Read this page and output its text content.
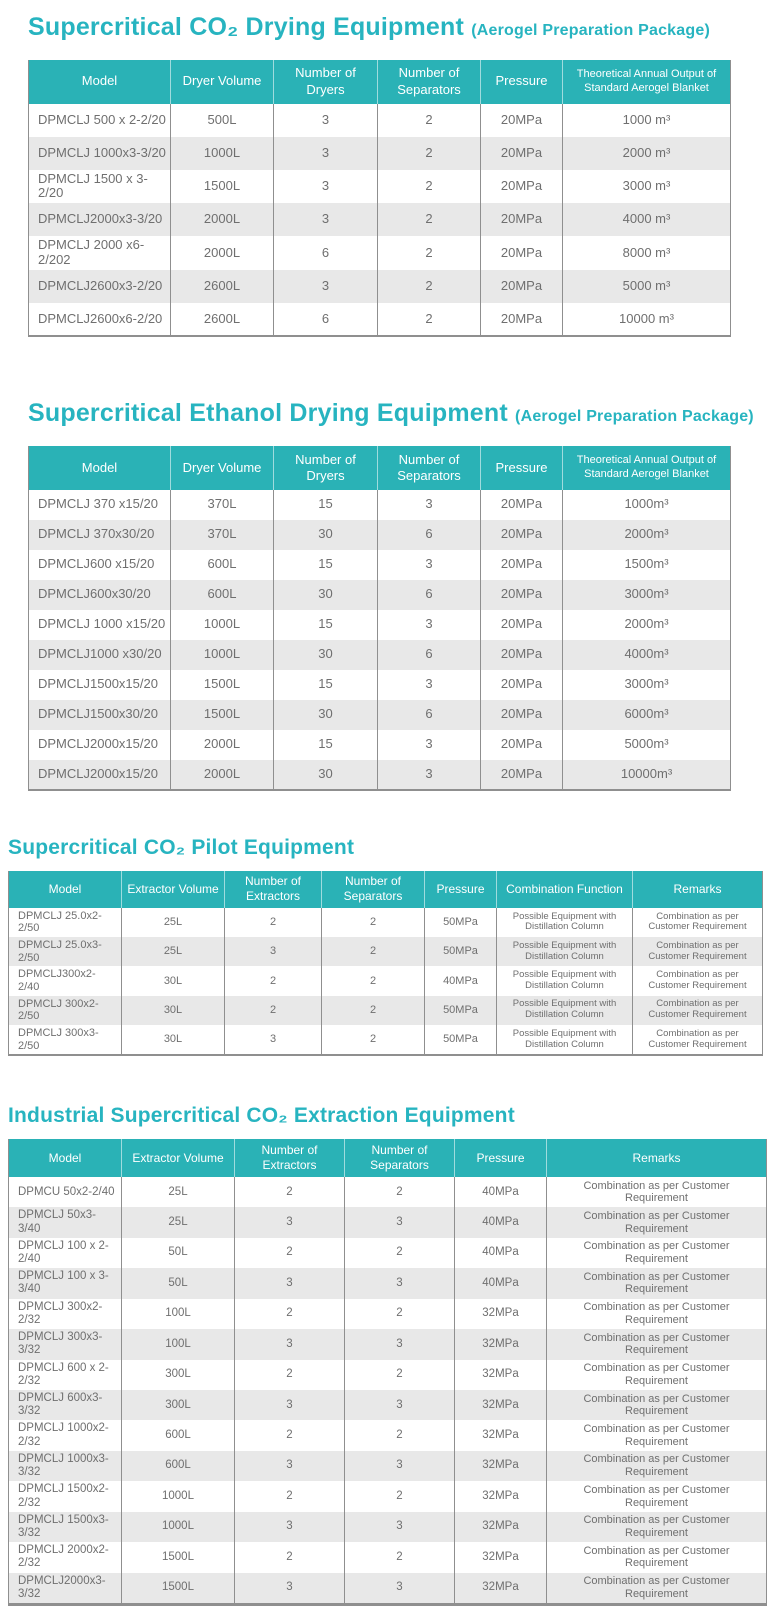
Supercritical CO₂ Drying Equipment (Aerogel Preparation Package)
Model	Dryer Volume	Number of Dryers	Number of Separators	Pressure	Theoretical Annual Output of Standard Aerogel Blanket
DPMCLJ 500 x 2-2/20	500L	3	2	20MPa	1000 m³
DPMCLJ 1000x3-3/20	1000L	3	2	20MPa	2000 m³
DPMCLJ 1500 x 3-2/20	1500L	3	2	20MPa	3000 m³
DPMCLJ2000x3-3/20	2000L	3	2	20MPa	4000 m³
DPMCLJ 2000 x6-2/202	2000L	6	2	20MPa	8000 m³
DPMCLJ2600x3-2/20	2600L	3	2	20MPa	5000 m³
DPMCLJ2600x6-2/20	2600L	6	2	20MPa	10000 m³
Supercritical Ethanol Drying Equipment (Aerogel Preparation Package)
Model	Dryer Volume	Number of Dryers	Number of Separators	Pressure	Theoretical Annual Output of Standard Aerogel Blanket
DPMCLJ 370 x15/20	370L	15	3	20MPa	1000m³
DPMCLJ 370x30/20	370L	30	6	20MPa	2000m³
DPMCLJ600 x15/20	600L	15	3	20MPa	1500m³
DPMCLJ600x30/20	600L	30	6	20MPa	3000m³
DPMCLJ 1000 x15/20	1000L	15	3	20MPa	2000m³
DPMCLJ1000 x30/20	1000L	30	6	20MPa	4000m³
DPMCLJ1500x15/20	1500L	15	3	20MPa	3000m³
DPMCLJ1500x30/20	1500L	30	6	20MPa	6000m³
DPMCLJ2000x15/20	2000L	15	3	20MPa	5000m³
DPMCLJ2000x15/20	2000L	30	3	20MPa	10000m³
Supercritical CO₂ Pilot Equipment
Model	Extractor Volume	Number of Extractors	Number of Separators	Pressure	Combination Function	Remarks
DPMCLJ 25.0x2-2/50	25L	2	2	50MPa	Possible Equipment with Distillation Column	Combination as per Customer Requirement
DPMCLJ 25.0x3-2/50	25L	3	2	50MPa	Possible Equipment with Distillation Column	Combination as per Customer Requirement
DPMCLJ300x2-2/40	30L	2	2	40MPa	Possible Equipment with Distillation Column	Combination as per Customer Requirement
DPMCLJ 300x2-2/50	30L	2	2	50MPa	Possible Equipment with Distillation Column	Combination as per Customer Requirement
DPMCLJ 300x3-2/50	30L	3	2	50MPa	Possible Equipment with Distillation Column	Combination as per Customer Requirement
Industrial Supercritical CO₂ Extraction Equipment
Model	Extractor Volume	Number of Extractors	Number of Separators	Pressure	Remarks
DPMCU 50x2-2/40	25L	2	2	40MPa	Combination as per Customer Requirement
DPMCLJ 50x3-3/40	25L	3	3	40MPa	Combination as per Customer Requirement
DPMCLJ 100 x 2-2/40	50L	2	2	40MPa	Combination as per Customer Requirement
DPMCLJ 100 x 3-3/40	50L	3	3	40MPa	Combination as per Customer Requirement
DPMCLJ 300x2-2/32	100L	2	2	32MPa	Combination as per Customer Requirement
DPMCLJ 300x3-3/32	100L	3	3	32MPa	Combination as per Customer Requirement
DPMCLJ 600 x 2-2/32	300L	2	2	32MPa	Combination as per Customer Requirement
DPMCLJ 600x3-3/32	300L	3	3	32MPa	Combination as per Customer Requirement
DPMCLJ 1000x2-2/32	600L	2	2	32MPa	Combination as per Customer Requirement
DPMCLJ 1000x3-3/32	600L	3	3	32MPa	Combination as per Customer Requirement
DPMCLJ 1500x2-2/32	1000L	2	2	32MPa	Combination as per Customer Requirement
DPMCLJ 1500x3-3/32	1000L	3	3	32MPa	Combination as per Customer Requirement
DPMCLJ 2000x2-2/32	1500L	2	2	32MPa	Combination as per Customer Requirement
DPMCLJ2000x3-3/32	1500L	3	3	32MPa	Combination as per Customer Requirement
